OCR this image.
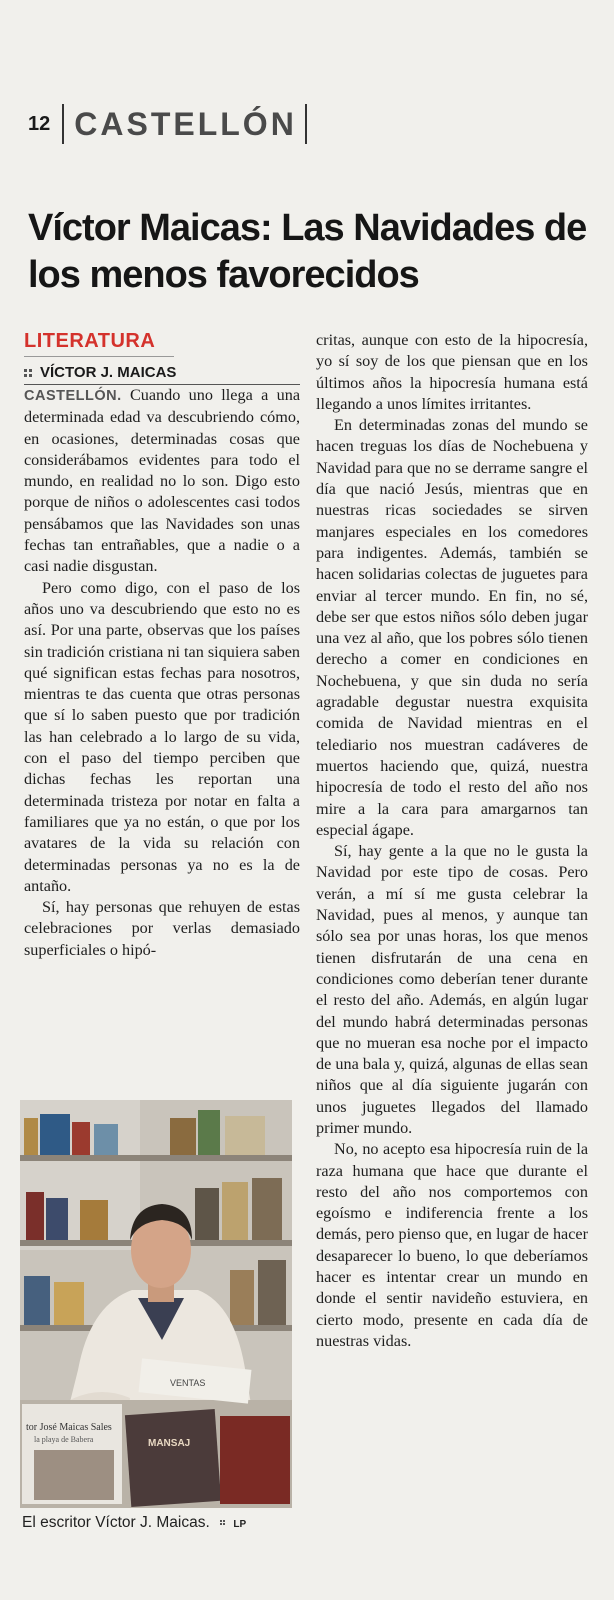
12 CASTELLÓN
Víctor Maicas: Las Navidades de los menos favorecidos
LITERATURA
VÍCTOR J. MAICAS

CASTELLÓN. Cuando uno llega a una determinada edad va descubriendo cómo, en ocasiones, determinadas cosas que considerábamos evidentes para todo el mundo, en realidad no lo son. Digo esto porque de niños o adolescentes casi todos pensábamos que las Navidades son unas fechas tan entrañables, que a nadie o a casi nadie disgustan.

Pero como digo, con el paso de los años uno va descubriendo que esto no es así. Por una parte, observas que los países sin tradición cristiana ni tan siquiera saben qué significan estas fechas para nosotros, mientras te das cuenta que otras personas que sí lo saben puesto que por tradición las han celebrado a lo largo de su vida, con el paso del tiempo perciben que dichas fechas les reportan una determinada tristeza por notar en falta a familiares que ya no están, o que por los avatares de la vida su relación con determinadas personas ya no es la de antaño.

Sí, hay personas que rehuyen de estas celebraciones por verlas demasiado superficiales o hipó-

critas, aunque con esto de la hipocresía, yo sí soy de los que piensan que en los últimos años la hipocresía humana está llegando a unos límites irritantes.

En determinadas zonas del mundo se hacen treguas los días de Nochebuena y Navidad para que no se derrame sangre el día que nació Jesús, mientras que en nuestras ricas sociedades se sirven manjares especiales en los comedores para indigentes. Además, también se hacen solidarias colectas de juguetes para enviar al tercer mundo. En fin, no sé, debe ser que estos niños sólo deben jugar una vez al año, que los pobres sólo tienen derecho a comer en condiciones en Nochebuena, y que sin duda no sería agradable degustar nuestra exquisita comida de Navidad mientras en el telediario nos muestran cadáveres de muertos haciendo que, quizá, nuestra hipocresía de todo el resto del año nos mire a la cara para amargarnos tan especial ágape.

Sí, hay gente a la que no le gusta la Navidad por este tipo de cosas. Pero verán, a mí sí me gusta celebrar la Navidad, pues al menos, y aunque tan sólo sea por unas horas, los que menos tienen disfrutarán de una cena en condiciones como deberían tener durante el resto del año. Además, en algún lugar del mundo habrá determinadas personas que no mueran esa noche por el impacto de una bala y, quizá, algunas de ellas sean niños que al día siguiente jugarán con unos juguetes llegados del llamado primer mundo.

No, no acepto esa hipocresía ruin de la raza humana que hace que durante el resto del año nos comportemos con egoísmo e indiferencia frente a los demás, pero pienso que, en lugar de hacer desaparecer lo bueno, lo que deberíamos hacer es intentar crear un mundo en donde el sentir navideño estuviera, en cierto modo, presente en cada día de nuestras vidas.

tor José Maicas Sales
la playa de Babera	MANSAJ
VENTAS
El escritor Víctor J. Maicas. LP
